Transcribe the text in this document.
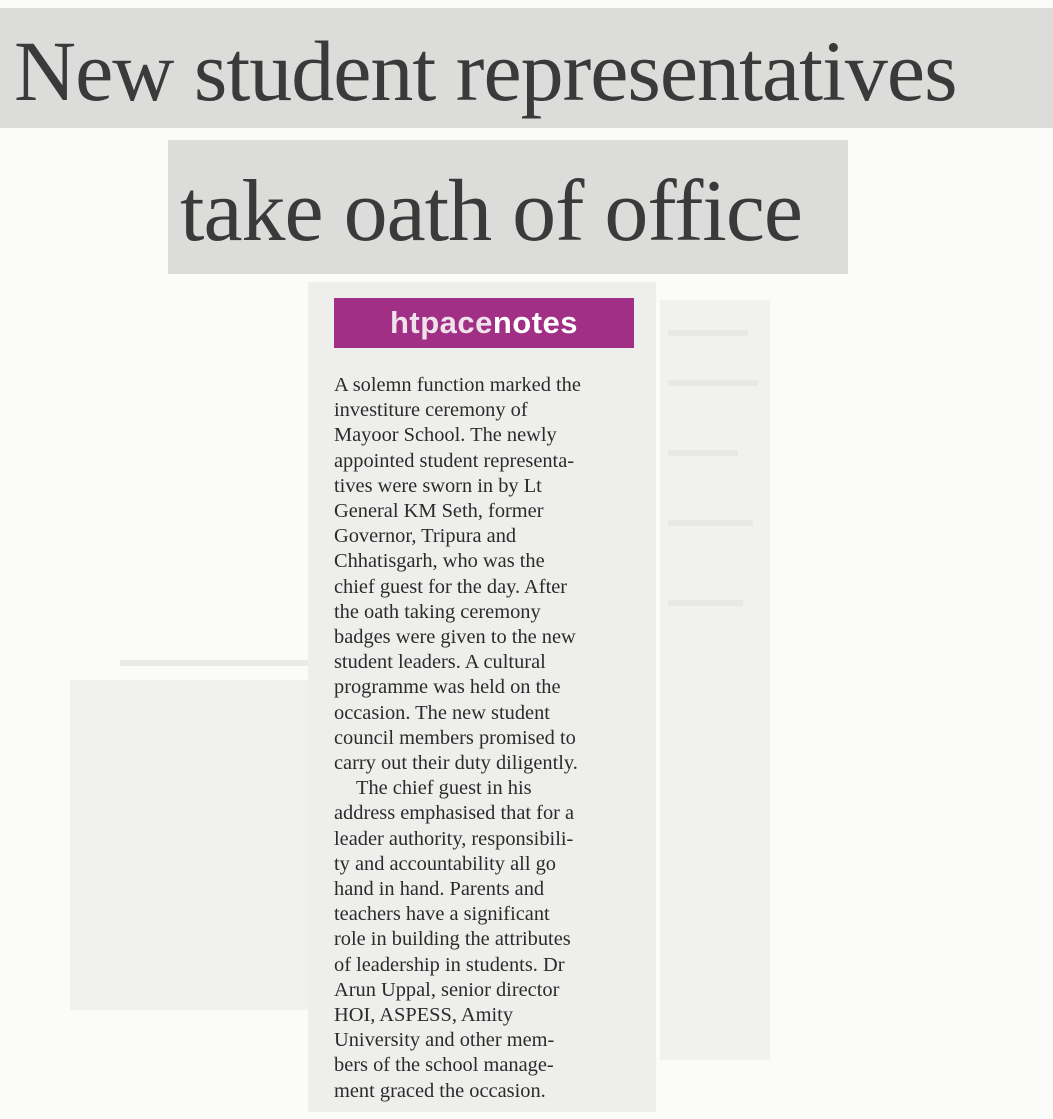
New student representatives
take oath of office
htpacenotes

A solemn function marked the
investiture ceremony of
Mayoor School. The newly
appointed student representa-
tives were sworn in by Lt
General KM Seth, former
Governor, Tripura and
Chhatisgarh, who was the
chief guest for the day. After
the oath taking ceremony
badges were given to the new
student leaders. A cultural
programme was held on the
occasion. The new student
council members promised to
carry out their duty diligently.
The chief guest in his
address emphasised that for a
leader authority, responsibili-
ty and accountability all go
hand in hand. Parents and
teachers have a significant
role in building the attributes
of leadership in students. Dr
Arun Uppal, senior director
HOI, ASPESS, Amity
University and other mem-
bers of the school manage-
ment graced the occasion.
